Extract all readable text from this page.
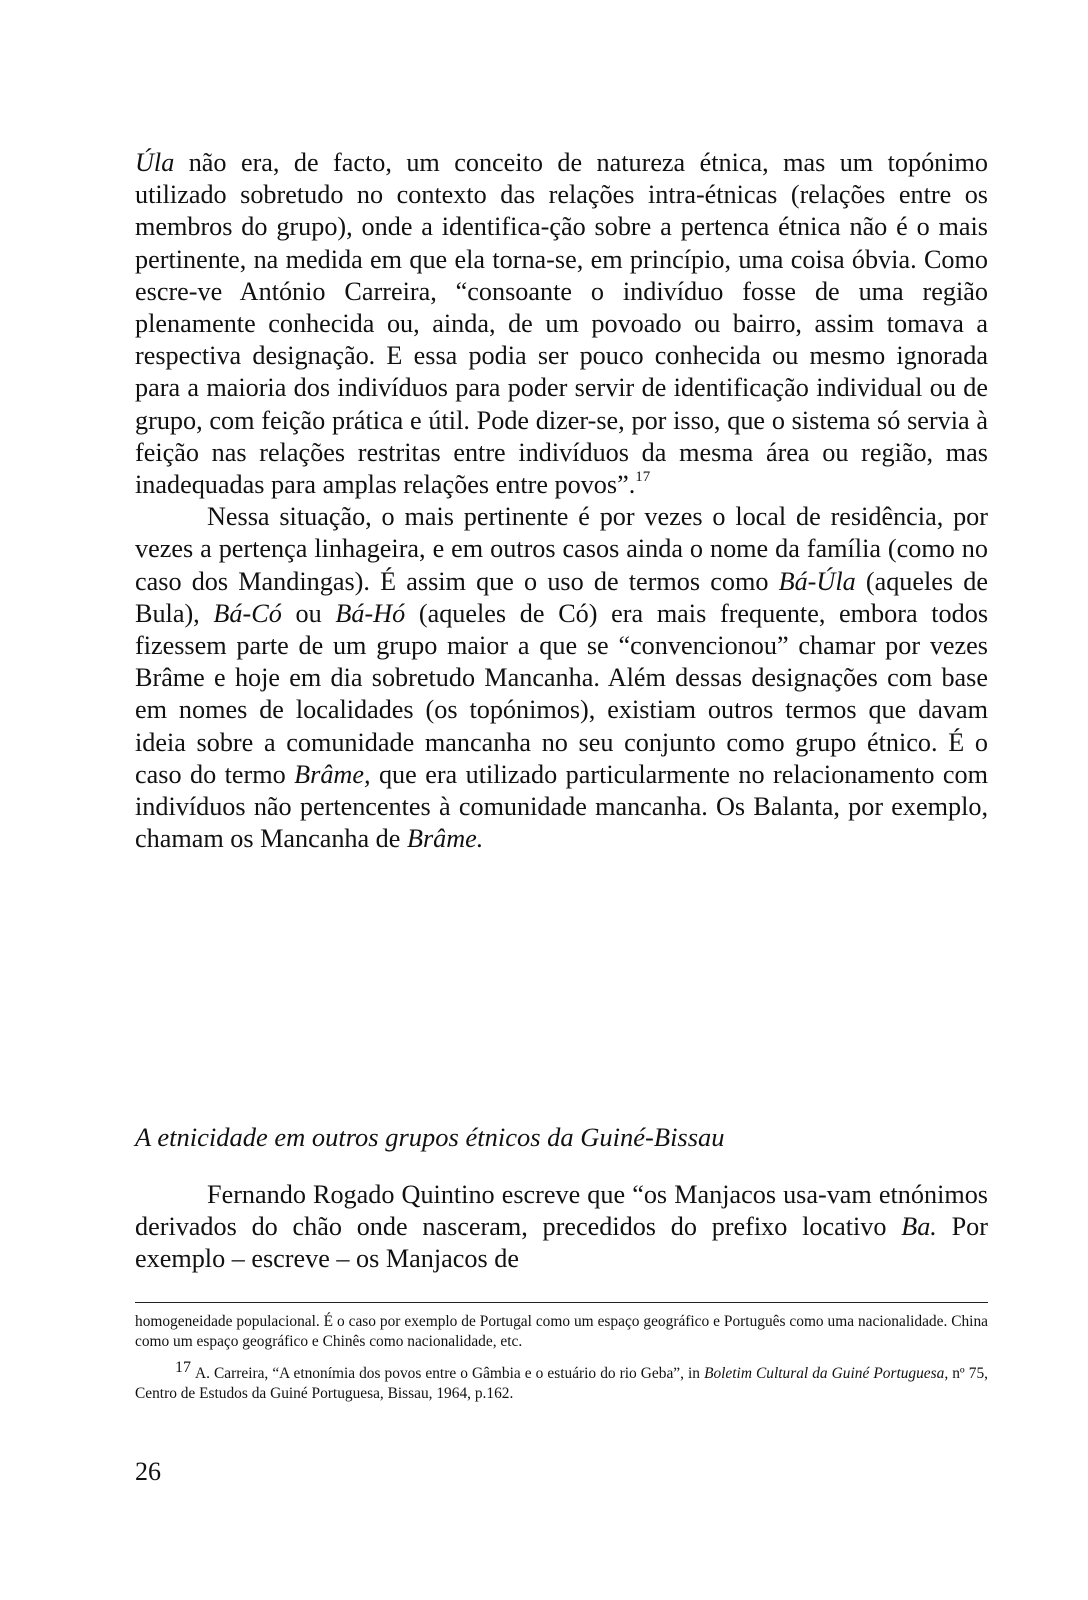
Úla não era, de facto, um conceito de natureza étnica, mas um topónimo utilizado sobretudo no contexto das relações intra-étnicas (relações entre os membros do grupo), onde a identifica-ção sobre a pertenca étnica não é o mais pertinente, na medida em que ela torna-se, em princípio, uma coisa óbvia. Como escre-ve António Carreira, “consoante o indivíduo fosse de uma região plenamente conhecida ou, ainda, de um povoado ou bairro, assim tomava a respectiva designação. E essa podia ser pouco conhecida ou mesmo ignorada para a maioria dos indivíduos para poder servir de identificação individual ou de grupo, com feição prática e útil. Pode dizer-se, por isso, que o sistema só servia à feição nas relações restritas entre indivíduos da mesma área ou região, mas inadequadas para amplas relações entre povos”.$^{17}$
Nessa situação, o mais pertinente é por vezes o local de residência, por vezes a pertença linhageira, e em outros casos ainda o nome da família (como no caso dos Mandingas). É assim que o uso de termos como Bá-Úla (aqueles de Bula), Bá-Có ou Bá-Hó (aqueles de Có) era mais frequente, embora todos fizessem parte de um grupo maior a que se “convencionou” chamar por vezes Brâme e hoje em dia sobretudo Mancanha. Além dessas designações com base em nomes de localidades (os topónimos), existiam outros termos que davam ideia sobre a comunidade mancanha no seu conjunto como grupo étnico. É o caso do termo Brâme, que era utilizado particularmente no relacionamento com indivíduos não pertencentes à comunidade mancanha. Os Balanta, por exemplo, chamam os Mancanha de Brâme.

A etnicidade em outros grupos étnicos da Guiné-Bissau

Fernando Rogado Quintino escreve que “os Manjacos usa-vam etnónimos derivados do chão onde nasceram, precedidos do prefixo locativo Ba. Por exemplo – escreve – os Manjacos de

homogeneidade populacional. É o caso por exemplo de Portugal como um espaço geográfico e Português como uma nacionalidade. China como um espaço geográfico e Chinês como nacionalidade, etc.

17 A. Carreira, “A etnonímia dos povos entre o Gâmbia e o estuário do rio Geba”, in Boletim Cultural da Guiné Portuguesa, nº 75, Centro de Estudos da Guiné Portuguesa, Bissau, 1964, p.162.

26
